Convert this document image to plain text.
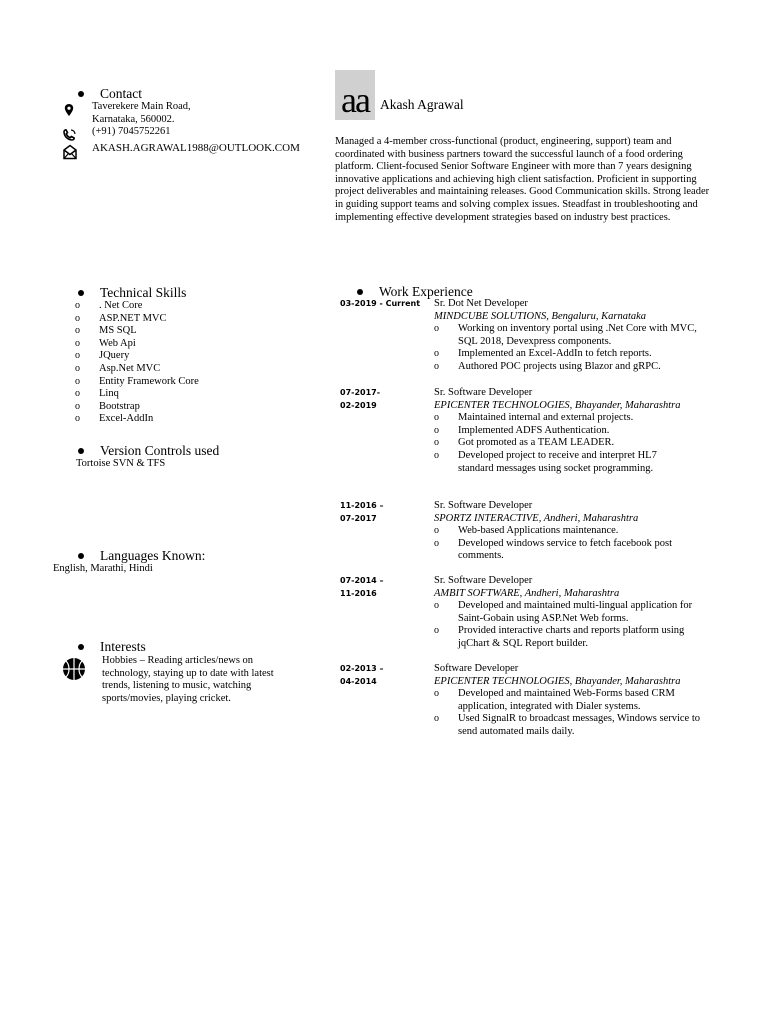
Contact
Taverekere Main Road,
Karnataka, 560002.
(+91) 7045752261
AKASH.AGRAWAL1988@OUTLOOK.COM
Technical Skills
o . Net Core
o ASP.NET MVC
o MS SQL
o Web Api
o JQuery
o Asp.Net MVC
o Entity Framework Core
o Linq
o Bootstrap
o Excel-AddIn
Version Controls used
Tortoise SVN & TFS
Languages Known:
English, Marathi, Hindi
Interests
Hobbies – Reading articles/news on technology, staying up to date with latest trends, listening to music, watching sports/movies, playing cricket.
aa Akash Agrawal
Managed a 4-member cross-functional (product, engineering, support) team and coordinated with business partners toward the successful launch of a food ordering platform. Client-focused Senior Software Engineer with more than 7 years designing innovative applications and achieving high client satisfaction. Proficient in supporting project deliverables and maintaining releases. Good Communication skills. Strong leader in guiding support teams and solving complex issues. Steadfast in troubleshooting and implementing effective development strategies based on industry best practices.
Work Experience
03-2019 - Current Sr. Dot Net Developer
MINDCUBE SOLUTIONS, Bengaluru, Karnataka
o Working on inventory portal using .Net Core with MVC, SQL 2018, Devexpress components.
o Implemented an Excel-AddIn to fetch reports.
o Authored POC projects using Blazor and gRPC.
07-2017-
02-2019
Sr. Software Developer
EPICENTER TECHNOLOGIES, Bhayander, Maharashtra
o Maintained internal and external projects.
o Implemented ADFS Authentication.
o Got promoted as a TEAM LEADER.
o Developed project to receive and interpret HL7 standard messages using socket programming.
11-2016 –
07-2017
Sr. Software Developer
SPORTZ INTERACTIVE, Andheri, Maharashtra
o Web-based Applications maintenance.
o Developed windows service to fetch facebook post comments.
07-2014 –
11-2016
Sr. Software Developer
AMBIT SOFTWARE, Andheri, Maharashtra
o Developed and maintained multi-lingual application for Saint-Gobain using ASP.Net Web forms.
o Provided interactive charts and reports platform using jqChart & SQL Report builder.
02-2013 –
04-2014
Software Developer
EPICENTER TECHNOLOGIES, Bhayander, Maharashtra
o Developed and maintained Web-Forms based CRM application, integrated with Dialer systems.
o Used SignalR to broadcast messages, Windows service to send automated mails daily.
